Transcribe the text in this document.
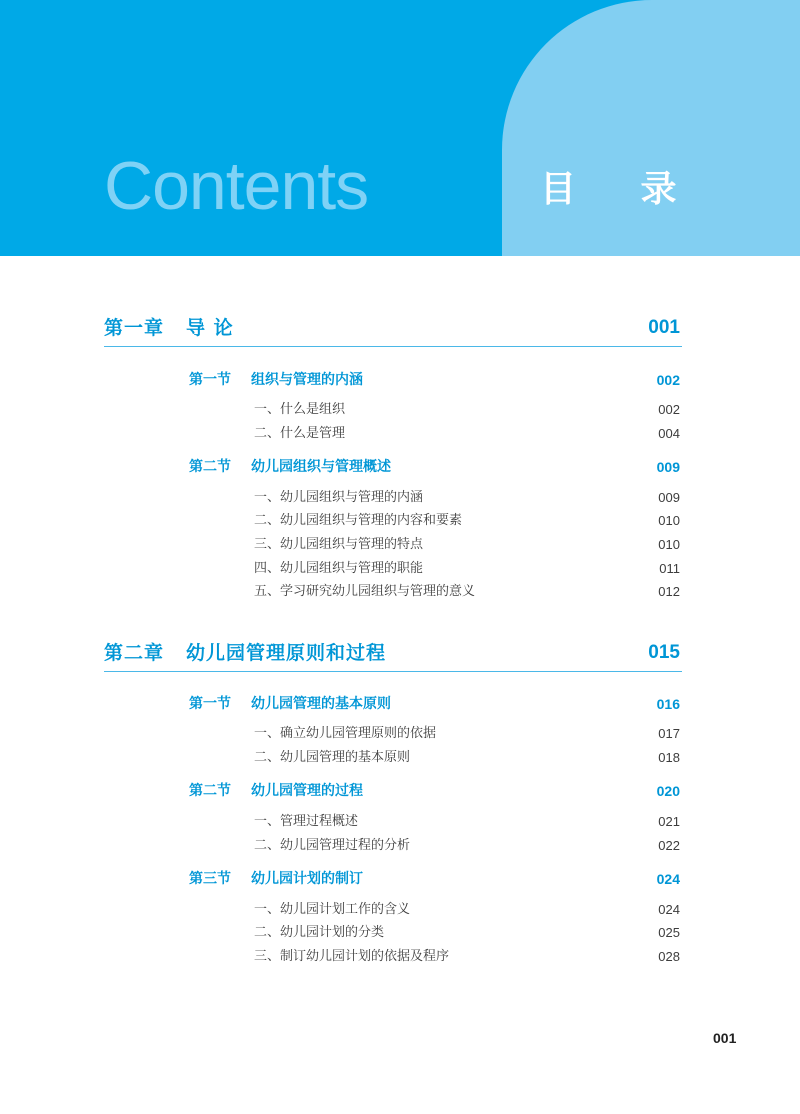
Contents	目 录
第一章 导 论	001
第一节 组织与管理的内涵	002
一、什么是组织	002
二、什么是管理	004
第二节 幼儿园组织与管理概述	009
一、幼儿园组织与管理的内涵	009
二、幼儿园组织与管理的内容和要素	010
三、幼儿园组织与管理的特点	010
四、幼儿园组织与管理的职能	011
五、学习研究幼儿园组织与管理的意义	012
第二章 幼儿园管理原则和过程	015
第一节 幼儿园管理的基本原则	016
一、确立幼儿园管理原则的依据	017
二、幼儿园管理的基本原则	018
第二节 幼儿园管理的过程	020
一、管理过程概述	021
二、幼儿园管理过程的分析	022
第三节 幼儿园计划的制订	024
一、幼儿园计划工作的含义	024
二、幼儿园计划的分类	025
三、制订幼儿园计划的依据及程序	028
001
